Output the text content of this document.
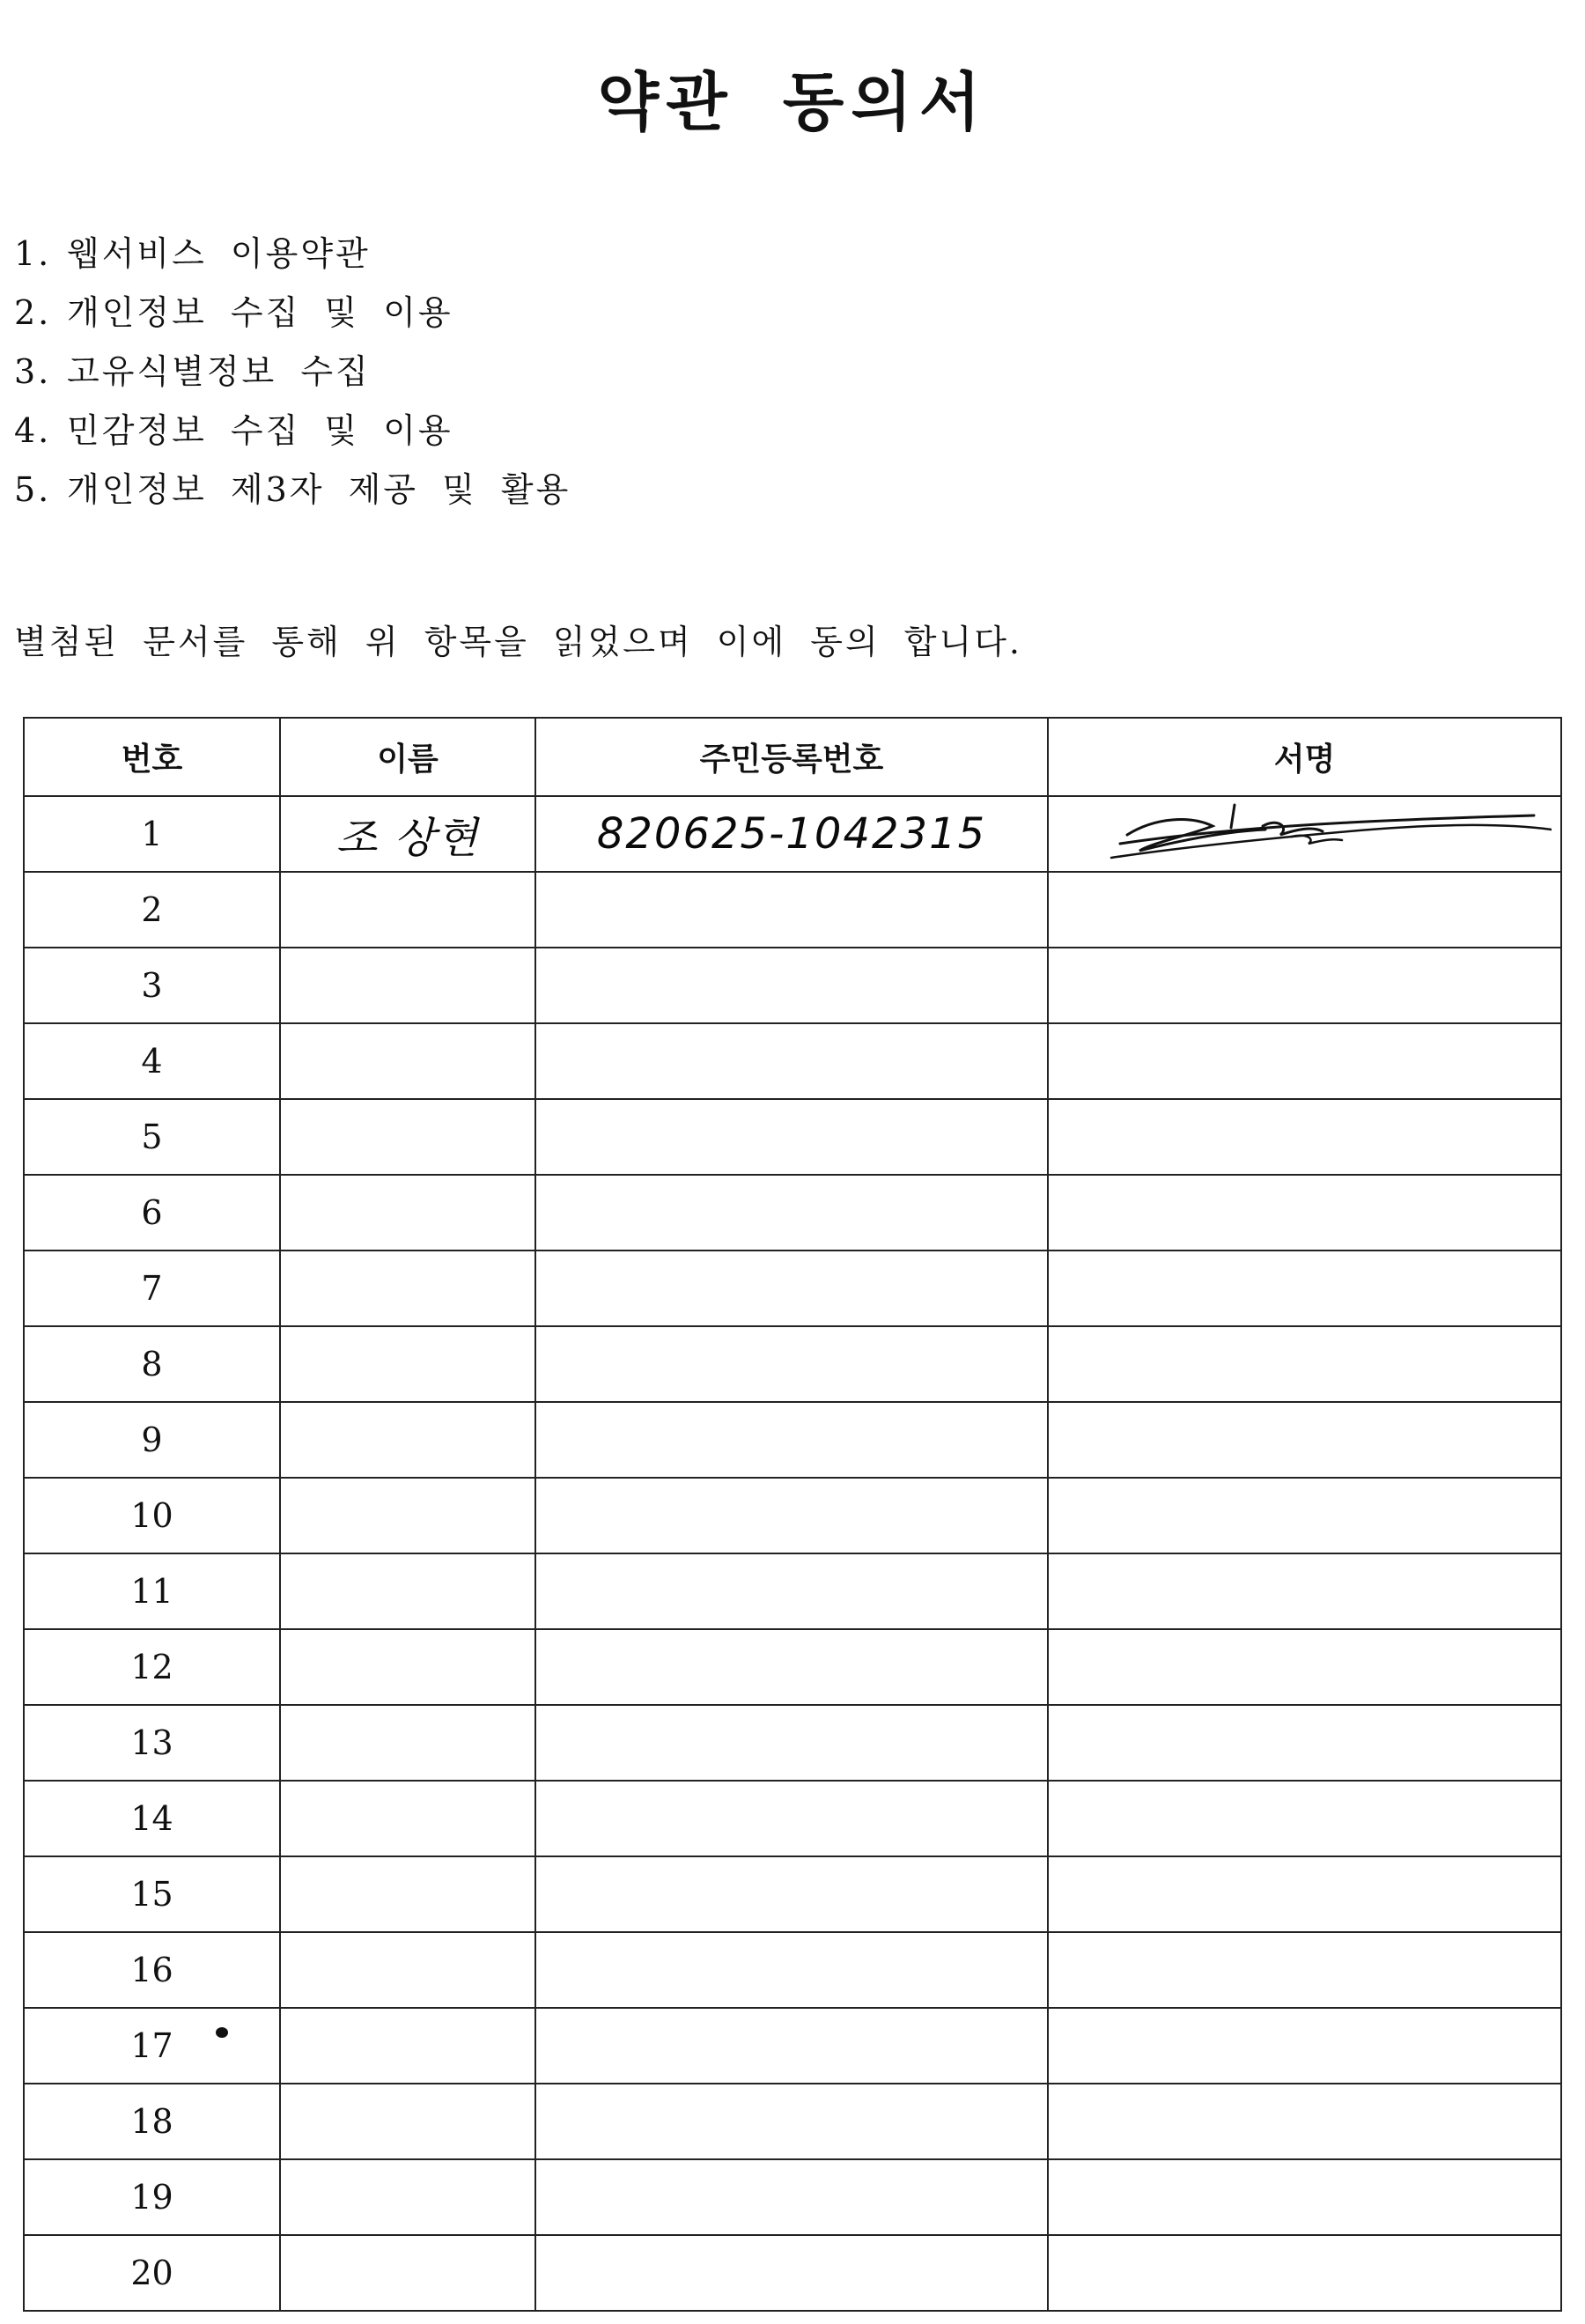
약관 동의서
1. 웹서비스 이용약관
2. 개인정보 수집 및 이용
3. 고유식별정보 수집
4. 민감정보 수집 및 이용
5. 개인정보 제3자 제공 및 활용

별첨된 문서를 통해 위 항목을 읽었으며 이에 동의 합니다.

번호	이름	주민등록번호	서명
1	조 상현	820625-1042315	

2			
3			
4			
5			
6			
7			
8			
9			
10			
11			
12			
13			
14			
15			
16			
17			
18			
19			
20			
